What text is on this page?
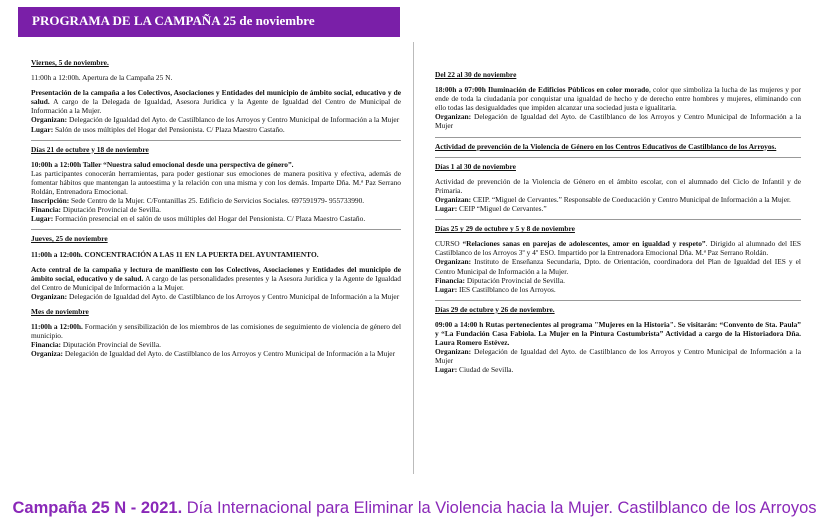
PROGRAMA DE LA CAMPAÑA 25 de noviembre
Viernes, 5 de noviembre.

11:00h a 12:00h. Apertura de la Campaña 25 N.

Presentación de la campaña a los Colectivos, Asociaciones y Entidades del municipio de ámbito social, educativo y de salud. A cargo de la Delegada de Igualdad, Asesora Jurídica y la Agente de Igualdad del Centro de Municipal de Información a la Mujer.
Organizan: Delegación de Igualdad del Ayto. de Castilblanco de los Arroyos y Centro Municipal de Información a la Mujer
Lugar: Salón de usos múltiples del Hogar del Pensionista. C/ Plaza Maestro Castaño.

Días 21 de octubre y 18 de noviembre

10:00h a 12:00h Taller “Nuestra salud emocional desde una perspectiva de género”.
Las participantes conocerán herramientas, para poder gestionar sus emociones de manera positiva y efectiva, además de fomentar hábitos que mantengan la autoestima y la relación con una misma y con los demás. Imparte Dña. M.ª Paz Serrano Roldán, Entrenadora Emocional.
Inscripción: Sede Centro de la Mujer. C/Fontanillas 25. Edificio de Servicios Sociales. 697591979- 955733990.
Financia: Diputación Provincial de Sevilla.
Lugar: Formación presencial en el salón de usos múltiples del Hogar del Pensionista. C/ Plaza Maestro Castaño.

Jueves, 25 de noviembre

11:00h a 12:00h. CONCENTRACIÓN A LAS 11 EN LA PUERTA DEL AYUNTAMIENTO.

Acto central de la campaña y lectura de manifiesto con los Colectivos, Asociaciones y Entidades del municipio de ámbito social, educativo y de salud. A cargo de las personalidades presentes y la Asesora Jurídica y la Agente de Igualdad del Centro de Municipal de Información a la Mujer.
Organizan: Delegación de Igualdad del Ayto. de Castilblanco de los Arroyos y Centro Municipal de Información a la Mujer

Mes de noviembre

11:00h a 12:00h. Formación y sensibilización de los miembros de las comisiones de seguimiento de violencia de género del municipio.
Financia: Diputación Provincial de Sevilla.
Organiza: Delegación de Igualdad del Ayto. de Castilblanco de los Arroyos y Centro Municipal de Información a la Mujer

Del 22 al 30 de noviembre

18:00h a 07:00h Iluminación de Edificios Públicos en color morado, color que simboliza la lucha de las mujeres y por ende de toda la ciudadanía por conquistar una igualdad de hecho y de derecho entre hombres y mujeres, eliminando con ello todas las desigualdades que impiden alcanzar una sociedad justa e igualitaria.
Organizan: Delegación de Igualdad del Ayto. de Castilblanco de los Arroyos y Centro Municipal de Información a la Mujer

Actividad de prevención de la Violencia de Género en los Centros Educativos de Castilblanco de los Arroyos.
Días 1 al 30 de noviembre

Actividad de prevención de la Violencia de Género en el ámbito escolar, con el alumnado del Ciclo de Infantil y de Primaria.
Organizan: CEIP. “Miguel de Cervantes.” Responsable de Coeducación y Centro Municipal de Información a la Mujer.
Lugar: CEIP “Miguel de Cervantes.”

Días 25 y 29 de octubre y 5 y 8 de noviembre

CURSO “Relaciones sanas en parejas de adolescentes, amor en igualdad y respeto”. Dirigido al alumnado del IES Castilblanco de los Arroyos 3º y 4º ESO. Impartido por la Entrenadora Emocional Dña. M.ª Paz Serrano Roldán.
Organizan: Instituto de Enseñanza Secundaria, Dpto. de Orientación, coordinadora del Plan de Igualdad del IES y el Centro Municipal de Información a la Mujer.
Financia: Diputación Provincial de Sevilla.
Lugar: IES Castilblanco de los Arroyos.

Días 29 de octubre y 26 de noviembre.

09:00 a 14:00 h Rutas pertenecientes al programa "Mujeres en la Historia". Se visitarán: “Convento de Sta. Paula” y “La Fundación Casa Fabiola. La Mujer en la Pintura Costumbrista” Actividad a cargo de la Historiadora Dña. Laura Romero Estévez.
Organizan: Delegación de Igualdad del Ayto. de Castilblanco de los Arroyos y Centro Municipal de Información a la Mujer
Lugar: Ciudad de Sevilla.

Campaña 25 N - 2021. Día Internacional para Eliminar la Violencia hacia la Mujer. Castilblanco de los Arroyos
